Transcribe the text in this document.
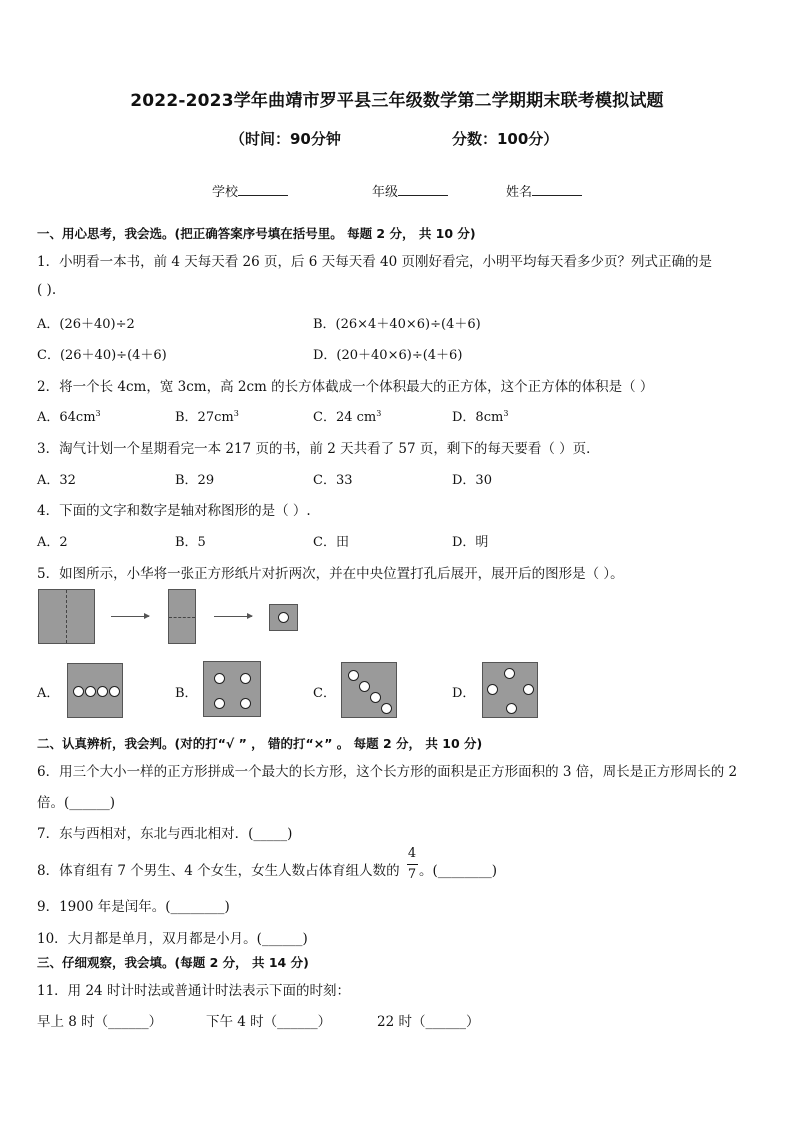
2022-2023学年曲靖市罗平县三年级数学第二学期期末联考模拟试题
（时间：90分钟	分数：100分）
学校	年级	姓名
一、用心思考，我会选。(把正确答案序号填在括号里。 每题 2 分， 共 10 分)
1．小明看一本书，前 4 天每天看 26 页，后 6 天每天看 40 页刚好看完，小明平均每天看多少页？列式正确的是
( ).
A．(26＋40)÷2	B．(26×4＋40×6)÷(4＋6)
C．(26＋40)÷(4＋6)	D．(20＋40×6)÷(4＋6)
2．将一个长 4cm，宽 3cm，高 2cm 的长方体截成一个体积最大的正方体，这个正方体的体积是（ ）
A．$64cm^3$	B．$27cm^3$	C．24 $cm^3$	D．$8cm^3$
3．淘气计划一个星期看完一本 217 页的书，前 2 天共看了 57 页，剩下的每天要看（ ）页．
A．32	B．29	C．33	D．30
4．下面的文字和数字是轴对称图形的是（ ）.
A．2	B．5	C．田	D．明
5．如图所示，小华将一张正方形纸片对折两次，并在中央位置打孔后展开，展开后的图形是（ ）。
A．	B．	C．	D．
二、认真辨析，我会判。(对的打“√ ” ， 错的打“×” 。 每题 2 分， 共 10 分)
6．用三个大小一样的正方形拼成一个最大的长方形，这个长方形的面积是正方形面积的 3 倍，周长是正方形周长的 2
倍。(______)
7．东与西相对，东北与西北相对．(_____)
8．体育组有 7 个男生、4 个女生，女生人数占体育组人数的
4
7 。(________)
9．1900 年是闰年。(________)
10．大月都是单月，双月都是小月。(______)
三、仔细观察，我会填。(每题 2 分， 共 14 分)
11．用 24 时计时法或普通计时法表示下面的时刻：
早上 8 时（______）	下午 4 时（______）	22 时（______）
